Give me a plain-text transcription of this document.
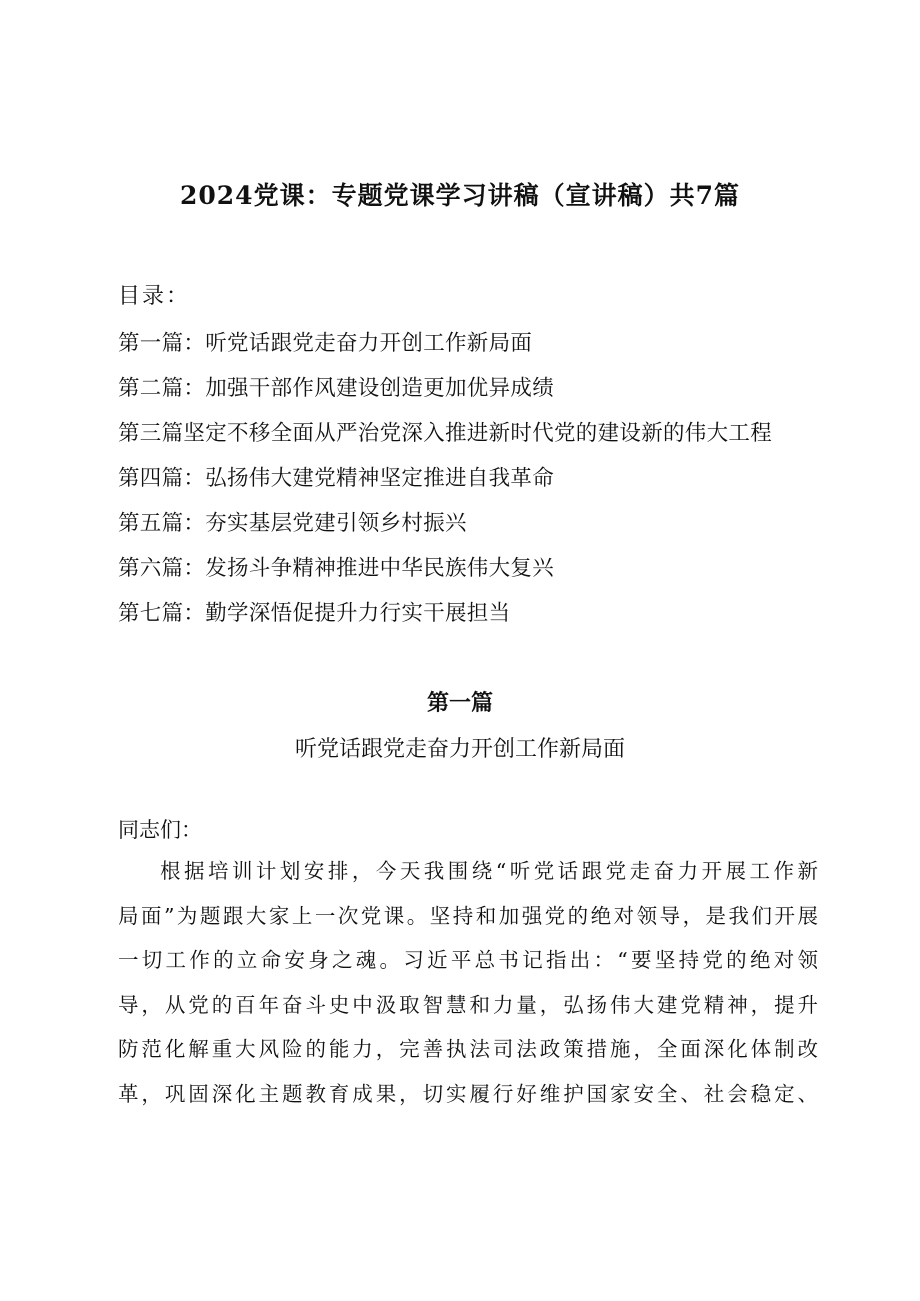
2024党课：专题党课学习讲稿（宣讲稿）共7篇
目录：
第一篇：听党话跟党走奋力开创工作新局面
第二篇：加强干部作风建设创造更加优异成绩
第三篇坚定不移全面从严治党深入推进新时代党的建设新的伟大工程
第四篇：弘扬伟大建党精神坚定推进自我革命
第五篇：夯实基层党建引领乡村振兴
第六篇：发扬斗争精神推进中华民族伟大复兴
第七篇：勤学深悟促提升力行实干展担当
第一篇
听党话跟党走奋力开创工作新局面
同志们：
根据培训计划安排，今天我围绕“听党话跟党走奋力开展工作新
局面”为题跟大家上一次党课。坚持和加强党的绝对领导，是我们开展
一切工作的立命安身之魂。习近平总书记指出：“要坚持党的绝对领
导，从党的百年奋斗史中汲取智慧和力量，弘扬伟大建党精神，提升
防范化解重大风险的能力，完善执法司法政策措施，全面深化体制改
革，巩固深化主题教育成果，切实履行好维护国家安全、社会稳定、
